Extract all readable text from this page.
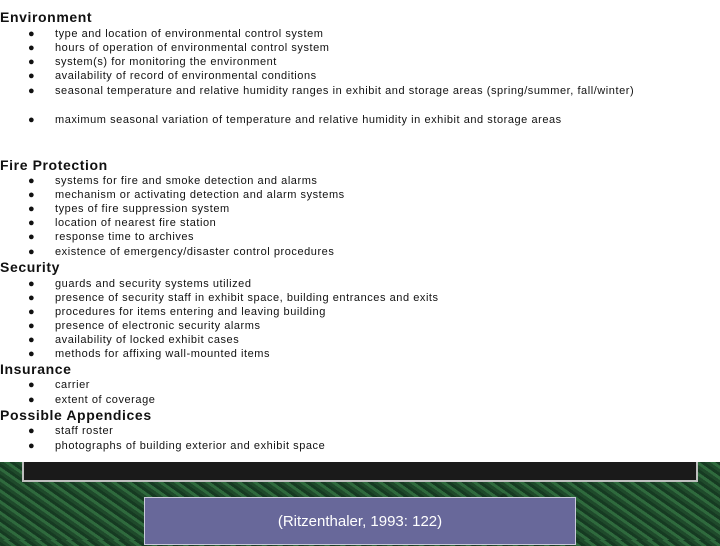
Environment
● type and location of environmental control system
● hours of operation of environmental control system
● system(s) for monitoring the environment
● availability of record of environmental conditions
● seasonal temperature and relative humidity ranges in exhibit and storage areas (spring/summer, fall/winter)
● maximum seasonal variation of temperature and relative humidity in exhibit and storage areas
Fire Protection
● systems for fire and smoke detection and alarms
● mechanism or activating detection and alarm systems
● types of fire suppression system
● location of nearest fire station
● response time to archives
● existence of emergency/disaster control procedures
Security
● guards and security systems utilized
● presence of security staff in exhibit space, building entrances and exits
● procedures for items entering and leaving building
● presence of electronic security alarms
● availability of locked exhibit cases
● methods for affixing wall-mounted items
Insurance
● carrier
● extent of coverage
Possible Appendices
● staff roster
● photographs of building exterior and exhibit space
(Ritzenthaler, 1993: 122)
